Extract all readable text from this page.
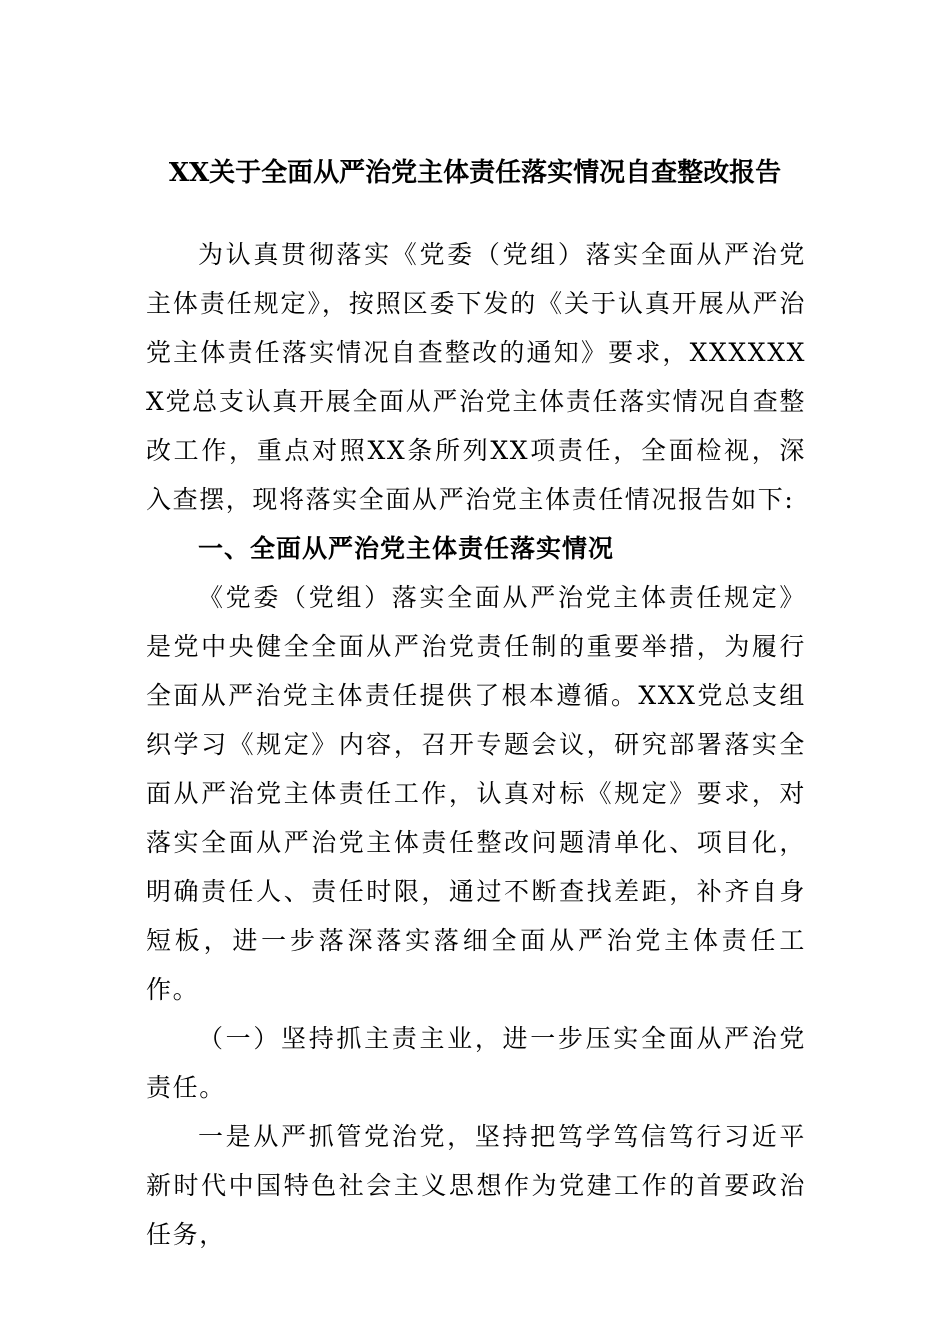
XX关于全面从严治党主体责任落实情况自查整改报告

为认真贯彻落实《党委（党组）落实全面从严治党主体责任规定》，按照区委下发的《关于认真开展从严治党主体责任落实情况自查整改的通知》要求，XXXXXXX党总支认真开展全面从严治党主体责任落实情况自查整改工作，重点对照XX条所列XX项责任，全面检视，深入查摆，现将落实全面从严治党主体责任情况报告如下:

一、全面从严治党主体责任落实情况

《党委（党组）落实全面从严治党主体责任规定》是党中央健全全面从严治党责任制的重要举措，为履行全面从严治党主体责任提供了根本遵循。XXX党总支组织学习《规定》内容，召开专题会议，研究部署落实全面从严治党主体责任工作，认真对标《规定》要求，对落实全面从严治党主体责任整改问题清单化、项目化，明确责任人、责任时限，通过不断查找差距，补齐自身短板，进一步落深落实落细全面从严治党主体责任工作。

（一）坚持抓主责主业，进一步压实全面从严治党责任。

一是从严抓管党治党，坚持把笃学笃信笃行习近平新时代中国特色社会主义思想作为党建工作的首要政治任务，
